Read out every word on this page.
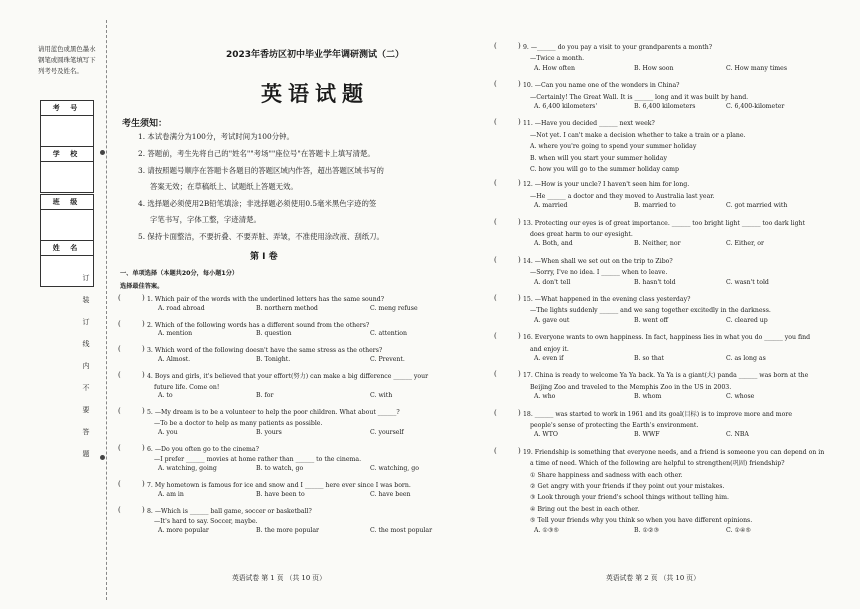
请用蓝色或黑色墨水钢笔或圆珠笔填写下列考号及姓名。
考 号
学 校
班 级
姓 名
订
装
订
线
内
不
要
答
题
2023年香坊区初中毕业学年调研测试（二）
英语试题
考生须知：
1. 本试卷满分为100分，考试时间为100分钟。
2. 答题前，考生先将自己的"姓名""考场""座位号"在答题卡上填写清楚。
3. 请按照题号顺序在答题卡各题目的答题区域内作答，超出答题区域书写的
答案无效；在草稿纸上、试题纸上答题无效。
4. 选择题必须使用2B铅笔填涂；非选择题必须使用0.5毫米黑色字迹的签
字笔书写，字体工整，字迹清楚。
5. 保持卡面整洁，不要折叠、不要弄脏、弄皱，不准使用涂改液、刮纸刀。
第 Ⅰ 卷
一、单项选择（本题共20分，每小题1分）
选择最佳答案。
(	) 1. Which pair of the words with the underlined letters has the same sound?
A. road abroad	B. northern method	C. meng refuse
(	) 2. Which of the following words has a different sound from the others?
A. mention	B. question	C. attention
(	) 3. Which word of the following doesn't have the same stress as the others?
A. Almost.	B. Tonight.	C. Prevent.
(	) 4. Boys and girls, it's believed that your effort(努力) can make a big difference ______ your
future life. Come on!
A. to	B. for	C. with
(	) 5. —My dream is to be a volunteer to help the poor children. What about ______?
—To be a doctor to help as many patients as possible.
A. you	B. yours	C. yourself
(	) 6. —Do you often go to the cinema?
—I prefer ______ movies at home rather than ______ to the cinema.
A. watching, going	B. to watch, go	C. watching, go
(	) 7. My hometown is famous for ice and snow and I ______ here ever since I was born.
A. am in	B. have been to	C. have been
(	) 8. —Which is ______ ball game, soccer or basketball?
—It's hard to say. Soccer, maybe.
A. more popular	B. the more popular	C. the most popular
(	) 9. —______ do you pay a visit to your grandparents a month?
—Twice a month.
A. How often	B. How soon	C. How many times
(	) 10. —Can you name one of the wonders in China?
—Certainly! The Great Wall. It is ______ long and it was built by hand.
A. 6,400 kilometers'	B. 6,400 kilometers	C. 6,400-kilometer
(	) 11. —Have you decided ______ next week?
—Not yet. I can't make a decision whether to take a train or a plane.
A. where you're going to spend your summer holiday
B. when will you start your summer holiday
C. how you will go to the summer holiday camp
(	) 12. —How is your uncle? I haven't seen him for long.
—He ______ a doctor and they moved to Australia last year.
A. married	B. married to	C. got married with
(	) 13. Protecting our eyes is of great importance. ______ too bright light ______ too dark light
does great harm to our eyesight.
A. Both, and	B. Neither, nor	C. Either, or
(	) 14. —When shall we set out on the trip to Zibo?
—Sorry, I've no idea. I ______ when to leave.
A. don't tell	B. hasn't told	C. wasn't told
(	) 15. —What happened in the evening class yesterday?
—The lights suddenly ______ and we sang together excitedly in the darkness.
A. gave out	B. went off	C. cleared up
(	) 16. Everyone wants to own happiness. In fact, happiness lies in what you do ______ you find
and enjoy it.
A. even if	B. so that	C. as long as
(	) 17. China is ready to welcome Ya Ya back. Ya Ya is a giant(大) panda ______ was born at the
Beijing Zoo and traveled to the Memphis Zoo in the US in 2003.
A. who	B. whom	C. whose
(	) 18. ______ was started to work in 1961 and its goal(目标) is to improve more and more
people's sense of protecting the Earth's environment.
A. WTO	B. WWF	C. NBA
(	) 19. Friendship is something that everyone needs, and a friend is someone you can depend on in
a time of need. Which of the following are helpful to strengthen(巩固) friendship?
① Share happiness and sadness with each other.
② Get angry with your friends if they point out your mistakes.
③ Look through your friend's school things without telling him.
④ Bring out the best in each other.
⑤ Tell your friends why you think so when you have different opinions.
A. ①③⑤	B. ①②③	C. ①④⑤
英语试卷 第 1 页 （共 10 页）	英语试卷 第 2 页 （共 10 页）
